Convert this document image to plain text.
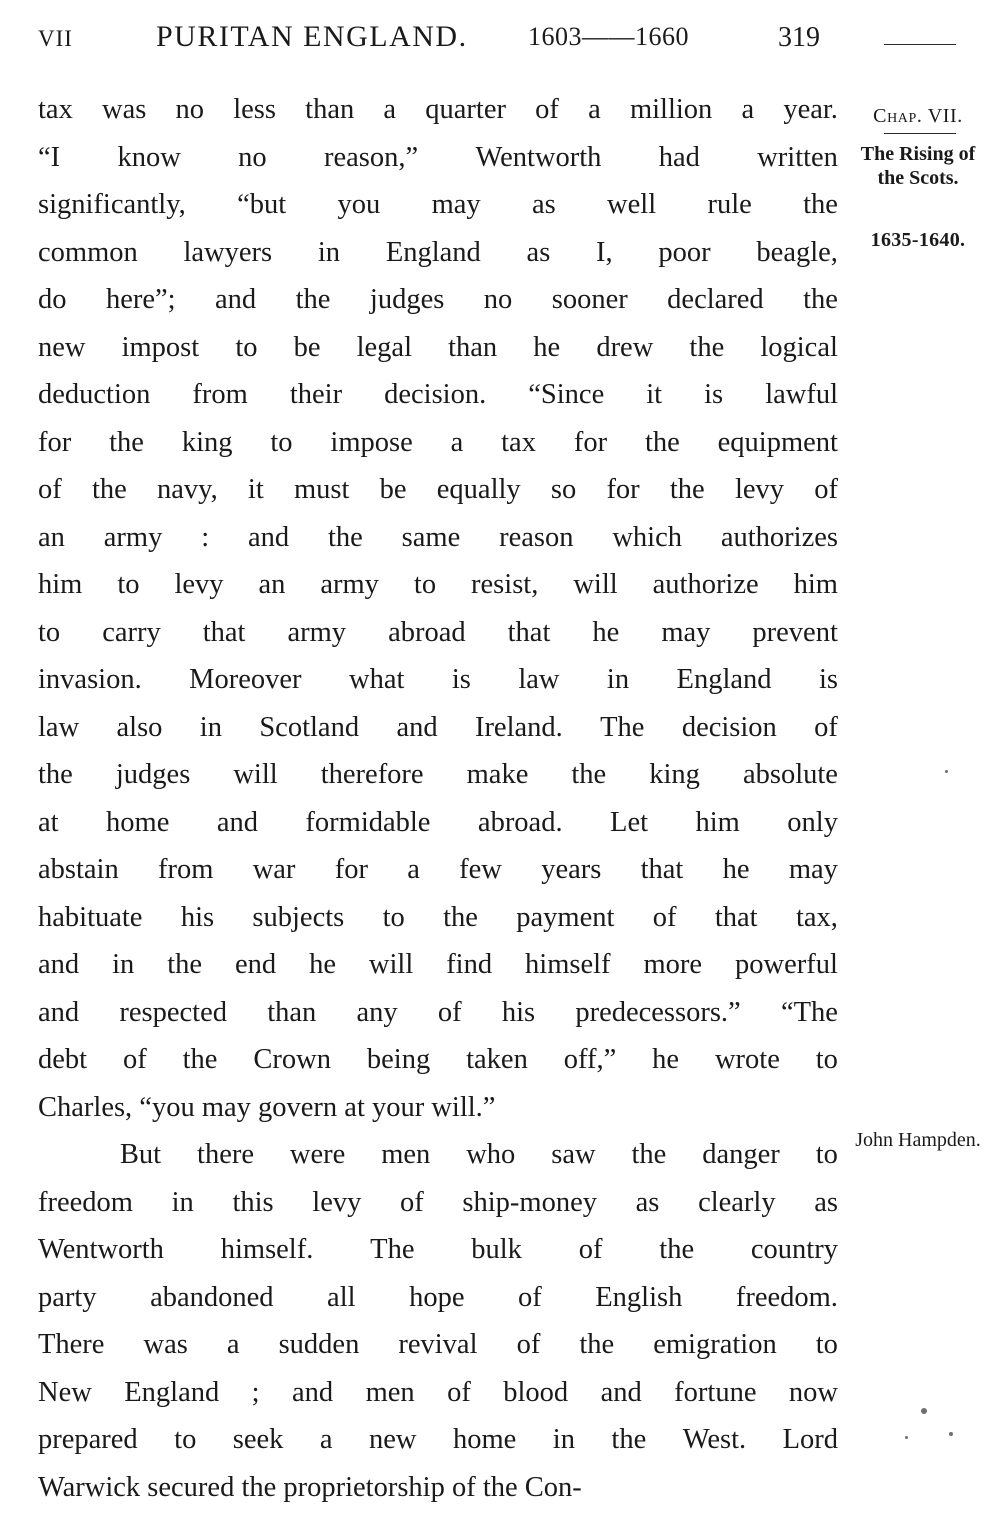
VII	PURITAN ENGLAND. 1603——1660	319

tax was no less than a quarter of a million a year.
“I know no reason,” Wentworth had written
significantly, “but you may as well rule the
common lawyers in England as I, poor beagle,
do here”; and the judges no sooner declared the
new impost to be legal than he drew the logical
deduction from their decision. “Since it is lawful
for the king to impose a tax for the equipment
of the navy, it must be equally so for the levy of
an army : and the same reason which authorizes
him to levy an army to resist, will authorize him
to carry that army abroad that he may prevent
invasion. Moreover what is law in England is
law also in Scotland and Ireland. The decision of
the judges will therefore make the king absolute
at home and formidable abroad. Let him only
abstain from war for a few years that he may
habituate his subjects to the payment of that tax,
and in the end he will find himself more powerful
and respected than any of his predecessors.” “The
debt of the Crown being taken off,” he wrote to
Charles, “you may govern at your will.”

But there were men who saw the danger to
freedom in this levy of ship-money as clearly as
Wentworth himself. The bulk of the country
party abandoned all hope of English freedom.
There was a sudden revival of the emigration to
New England ; and men of blood and fortune now
prepared to seek a new home in the West. Lord
Warwick secured the proprietorship of the Con-

Chap. VII.
The Rising of the Scots.
1635-1640.
John Hampden.
